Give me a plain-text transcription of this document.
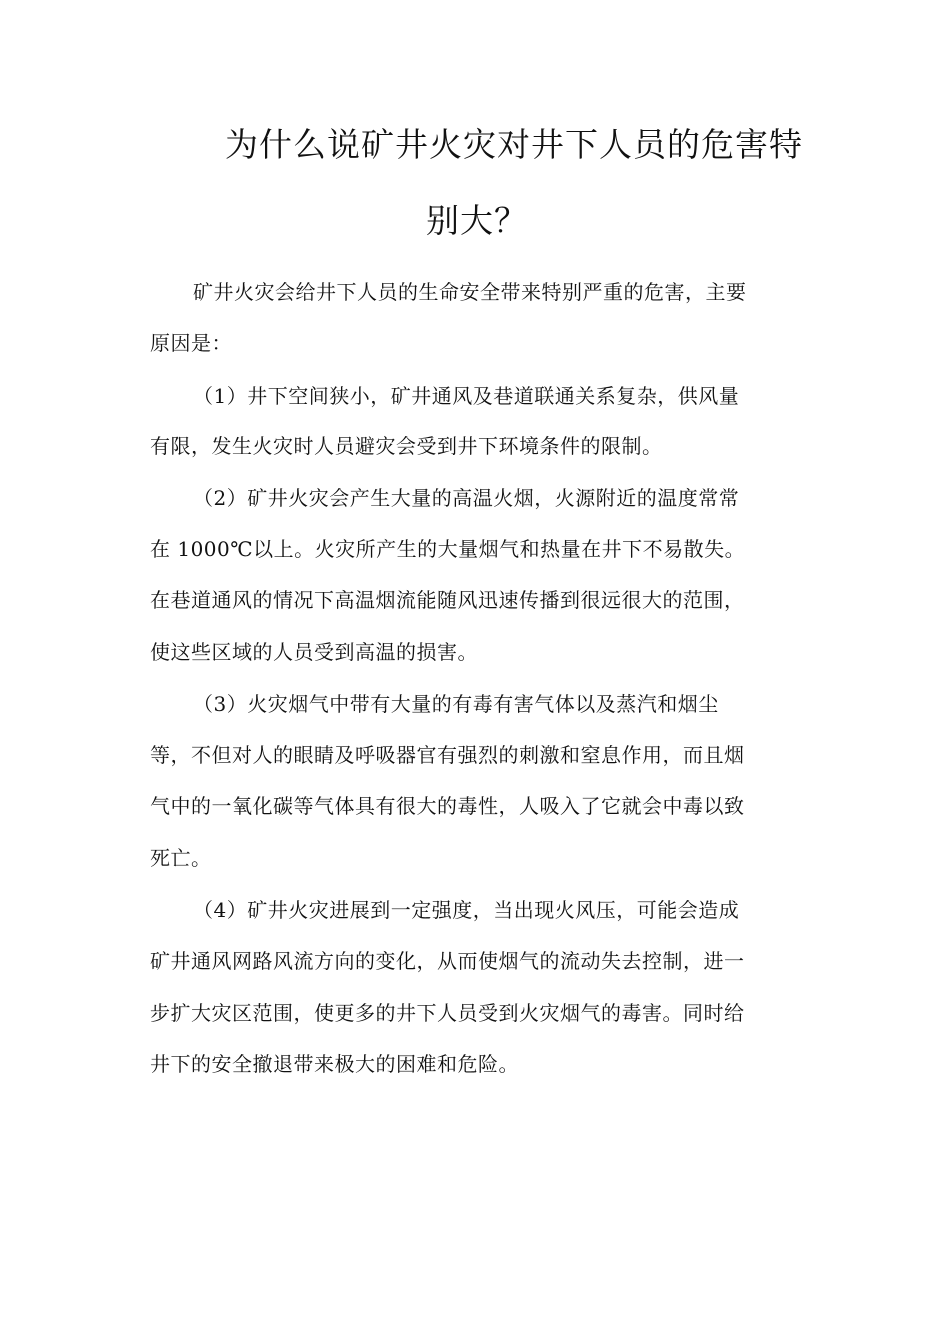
为什么说矿井火灾对井下人员的危害特
别大？
矿井火灾会给井下人员的生命安全带来特别严重的危害，主要
原因是：
（1）井下空间狭小，矿井通风及巷道联通关系复杂，供风量
有限，发生火灾时人员避灾会受到井下环境条件的限制。
（2）矿井火灾会产生大量的高温火烟，火源附近的温度常常
在 1000℃以上。火灾所产生的大量烟气和热量在井下不易散失。
在巷道通风的情况下高温烟流能随风迅速传播到很远很大的范围，
使这些区域的人员受到高温的损害。
（3）火灾烟气中带有大量的有毒有害气体以及蒸汽和烟尘
等，不但对人的眼睛及呼吸器官有强烈的刺激和窒息作用，而且烟
气中的一氧化碳等气体具有很大的毒性，人吸入了它就会中毒以致
死亡。
（4）矿井火灾进展到一定强度，当出现火风压，可能会造成
矿井通风网路风流方向的变化，从而使烟气的流动失去控制，进一
步扩大灾区范围，使更多的井下人员受到火灾烟气的毒害。同时给
井下的安全撤退带来极大的困难和危险。
